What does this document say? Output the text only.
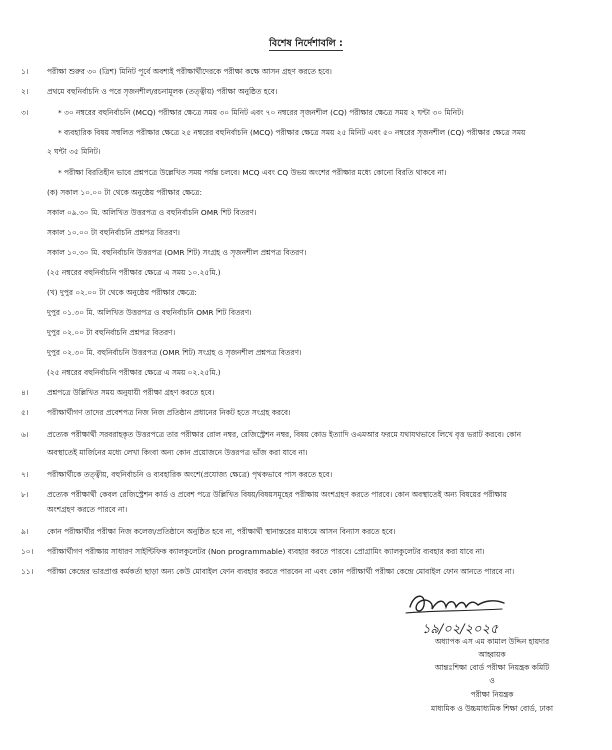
বিশেষ নির্দেশাবলি :
১।	পরীক্ষা শুরুর ৩০ (ত্রিশ) মিনিট পূর্বে অবশ্যই পরীক্ষার্থীদেরকে পরীক্ষা কক্ষে আসন গ্রহণ করতে হবে।
২।	প্রথমে বহুনির্বাচনি ও পরে সৃজনশীল/রচনামূলক (তত্ত্বীয়) পরীক্ষা অনুষ্ঠিত হবে।
৩।	* ৩০ নম্বরের বহুনির্বাচনি (MCQ) পরীক্ষার ক্ষেত্রে সময় ৩০ মিনিট এবং ৭০ নম্বরের সৃজনশীল (CQ) পরীক্ষার ক্ষেত্রে সময় ২ ঘন্টা ৩০ মিনিট।
* ব্যবহারিক বিষয় সম্বলিত পরীক্ষার ক্ষেত্রে ২৫ নম্বরের বহুনির্বাচনি (MCQ) পরীক্ষার ক্ষেত্রে সময় ২৫ মিনিট এবং ৫০ নম্বরের সৃজনশীল (CQ) পরীক্ষার ক্ষেত্রে সময়
২ ঘন্টা ৩৫ মিনিট।
* পরীক্ষা বিরতিহীন ভাবে প্রশ্নপত্রে উল্লেখিত সময় পর্যন্ত চলবে। MCQ এবং CQ উভয় অংশের পরীক্ষার মধ্যে কোনো বিরতি থাকবে না।
(ক) সকাল ১০.০০ টা থেকে অনুষ্ঠেয় পরীক্ষার ক্ষেত্রে:
সকাল ০৯.৩০ মি. অলিখিত উত্তরপত্র ও বহুনির্বাচনি OMR শিট বিতরণ।
সকাল ১০.০০ টা বহুনির্বাচনি প্রশ্নপত্র বিতরণ।
সকাল ১০.৩০ মি. বহুনির্বাচনি উত্তরপত্র (OMR শিট) সংগ্রহ ও সৃজনশীল প্রশ্নপত্র বিতরণ।
(২৫ নম্বরের বহুনির্বাচনি পরীক্ষার ক্ষেত্রে এ সময় ১০.২৫মি.)
(খ) দুপুর ০২.০০ টা থেকে অনুষ্ঠেয় পরীক্ষার ক্ষেত্রে:
দুপুর ০১.৩০ মি. অলিখিত উত্তরপত্র ও বহুনির্বাচনি OMR শিট বিতরণ।
দুপুর ০২.০০ টা বহুনির্বাচনি প্রশ্নপত্র বিতরণ।
দুপুর ০২.৩০ মি. বহুনির্বাচনি উত্তরপত্র (OMR শিট) সংগ্রহ ও সৃজনশীল প্রশ্নপত্র বিতরণ।
(২৫ নম্বরের বহুনির্বাচনি পরীক্ষার ক্ষেত্রে এ সময় ০২.২৫মি.)
৪।	প্রশ্নপত্রে উল্লিখিত সময় অনুযায়ী পরীক্ষা গ্রহণ করতে হবে।
৫।	পরীক্ষার্থীগণ তাদের প্রবেশপত্র নিজ নিজ প্রতিষ্ঠান প্রধানের নিকট হতে সংগ্রহ করবে।
৬।	প্রত্যেক পরীক্ষার্থী সরবরাহকৃত উত্তরপত্রে তার পরীক্ষার রোল নম্বর, রেজিস্ট্রেশন নম্বর, বিষয় কোড ইত্যাদি ওএমআর ফরমে যথাযথভাবে লিখে বৃত্ত ভরাট করবে। কোন
অবস্থাতেই মার্জিনের মধ্যে লেখা কিংবা অন্য কোন প্রয়োজনে উত্তরপত্র ভাঁজ করা যাবে না।
৭।	পরীক্ষার্থীকে তত্ত্বীয়, বহুনির্বাচনি ও ব্যবহারিক অংশে(প্রযোজ্য ক্ষেত্রে) পৃথকভাবে পাস করতে হবে।
৮।	প্রত্যেক পরীক্ষার্থী কেবল রেজিস্ট্রেশন কার্ড ও প্রবেশ পত্রে উল্লিখিত বিষয়/বিষয়সমূহের পরীক্ষায় অংশগ্রহণ করতে পারবে। কোন অবস্থাতেই অন্য বিষয়ের পরীক্ষায়
অংশগ্রহণ করতে পারবে না।
৯।	কোন পরীক্ষার্থীর পরীক্ষা নিজ কলেজ/প্রতিষ্ঠানে অনুষ্ঠিত হবে না, পরীক্ষার্থী স্থানান্তরের মাধ্যমে আসন বিন্যাস করতে হবে।
১০।	পরীক্ষার্থীগণ পরীক্ষায় সাধারণ সাইন্টিফিক ক্যালকুলেটর (Non programmable) ব্যবহার করতে পারবে। প্রোগ্রামিং ক্যালকুলেটর ব্যবহার করা যাবে না।
১১।	পরীক্ষা কেন্দ্রের ভারপ্রাপ্ত কর্মকর্তা ছাড়া অন্য কেউ মোবাইল ফোন ব্যবহার করতে পারবেন না এবং কোন পরীক্ষার্থী পরীক্ষা কেন্দ্রে মোবাইল ফোন আনতে পারবে না।
১৯/০২/২০২৫
অধ্যাপক এস এম কামাল উদ্দিন হায়দার
আহ্বায়ক
আন্তঃশিক্ষা বোর্ড পরীক্ষা নিয়ন্ত্রক কমিটি
ও
পরীক্ষা নিয়ন্ত্রক
মাধ্যমিক ও উচ্চমাধ্যমিক শিক্ষা বোর্ড, ঢাকা
